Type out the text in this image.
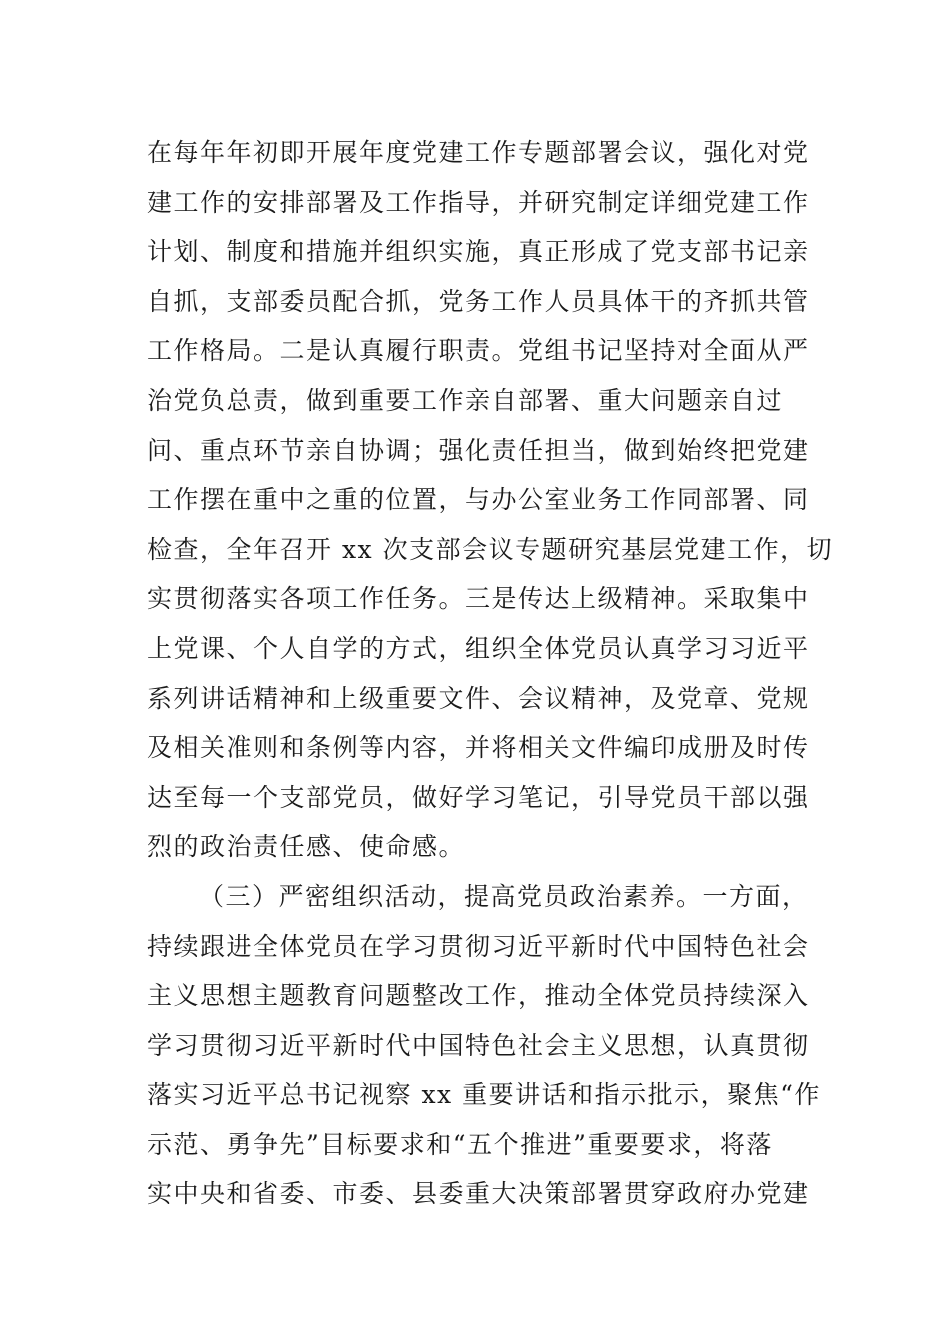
在每年年初即开展年度党建工作专题部署会议，强化对党
建工作的安排部署及工作指导，并研究制定详细党建工作
计划、制度和措施并组织实施，真正形成了党支部书记亲
自抓，支部委员配合抓，党务工作人员具体干的齐抓共管
工作格局。二是认真履行职责。党组书记坚持对全面从严
治党负总责，做到重要工作亲自部署、重大问题亲自过
问、重点环节亲自协调；强化责任担当，做到始终把党建
工作摆在重中之重的位置，与办公室业务工作同部署、同
检查，全年召开 xx 次支部会议专题研究基层党建工作，切
实贯彻落实各项工作任务。三是传达上级精神。采取集中
上党课、个人自学的方式，组织全体党员认真学习习近平
系列讲话精神和上级重要文件、会议精神，及党章、党规
及相关准则和条例等内容，并将相关文件编印成册及时传
达至每一个支部党员，做好学习笔记，引导党员干部以强
烈的政治责任感、使命感。
（三）严密组织活动，提高党员政治素养。一方面，
持续跟进全体党员在学习贯彻习近平新时代中国特色社会
主义思想主题教育问题整改工作，推动全体党员持续深入
学习贯彻习近平新时代中国特色社会主义思想，认真贯彻
落实习近平总书记视察 xx 重要讲话和指示批示，聚焦“作
示范、勇争先”目标要求和“五个推进”重要要求，将落
实中央和省委、市委、县委重大决策部署贯穿政府办党建
